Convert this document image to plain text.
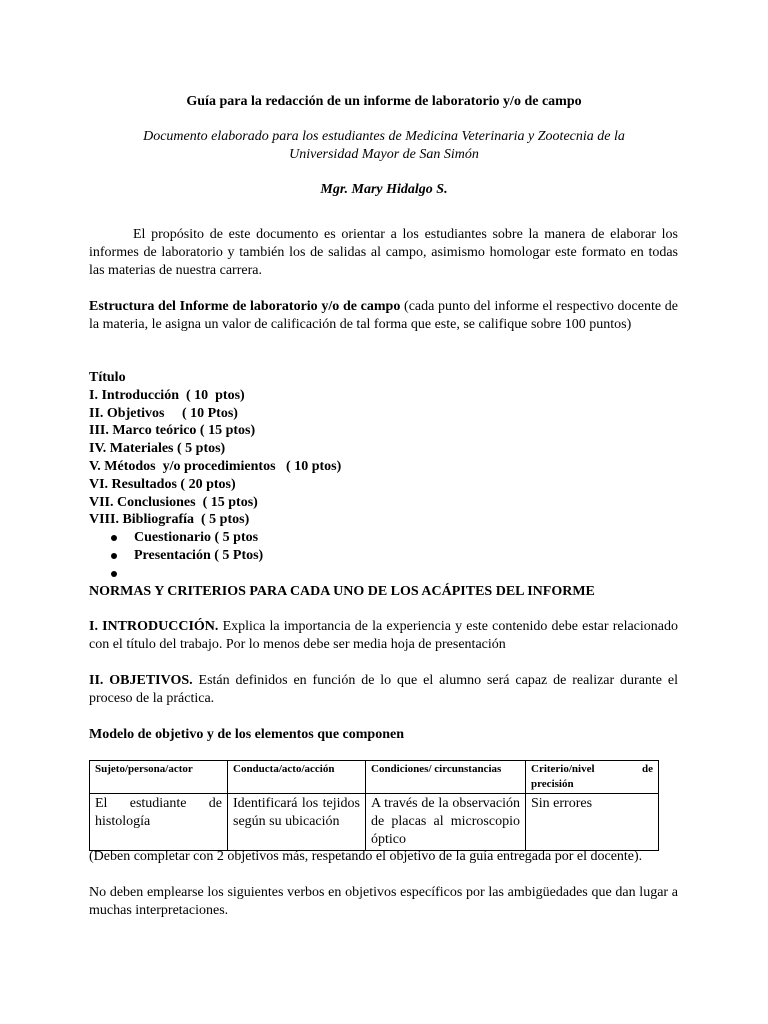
Guía para la redacción de un informe de laboratorio y/o de campo

Documento elaborado para los estudiantes de Medicina Veterinaria y Zootecnia de la
Universidad Mayor de San Simón

Mgr. Mary Hidalgo S.

El propósito de este documento es orientar a los estudiantes sobre la manera de elaborar los informes de laboratorio y también los de salidas al campo, asimismo homologar este formato en todas las materias de nuestra carrera.

Estructura del Informe de laboratorio y/o de campo (cada punto del informe el respectivo docente de la materia, le asigna un valor de calificación de tal forma que este, se califique sobre 100 puntos)

Título
I. Introducción  ( 10  ptos)
II. Objetivos     ( 10 Ptos)
III. Marco teórico ( 15 ptos)
IV. Materiales ( 5 ptos)
V. Métodos  y/o procedimientos   ( 10 ptos)
VI. Resultados ( 20 ptos)
VII. Conclusiones  ( 15 ptos)
VIII. Bibliografía  ( 5 ptos)
Cuestionario ( 5 ptos
Presentación ( 5 Ptos)

NORMAS Y CRITERIOS PARA CADA UNO DE LOS ACÁPITES DEL INFORME

I. INTRODUCCIÓN. Explica la importancia de la experiencia y este contenido debe estar relacionado con el título del trabajo. Por lo menos debe ser media hoja de presentación

II. OBJETIVOS. Están definidos en función de lo que el alumno será capaz de realizar durante el proceso de la práctica.

Modelo de objetivo y de los elementos que componen

Sujeto/persona/actor	Conducta/acto/acción	Condiciones/ circunstancias	Criterio/nivel de precisión
El estudiante de histología	Identificará los tejidos según su ubicación	A través de la observación de placas al microscopio óptico	Sin errores

(Deben completar con 2 objetivos más, respetando el objetivo de la guía entregada por el docente).

No deben emplearse los siguientes verbos en objetivos específicos por las ambigüedades que dan lugar a muchas interpretaciones.
